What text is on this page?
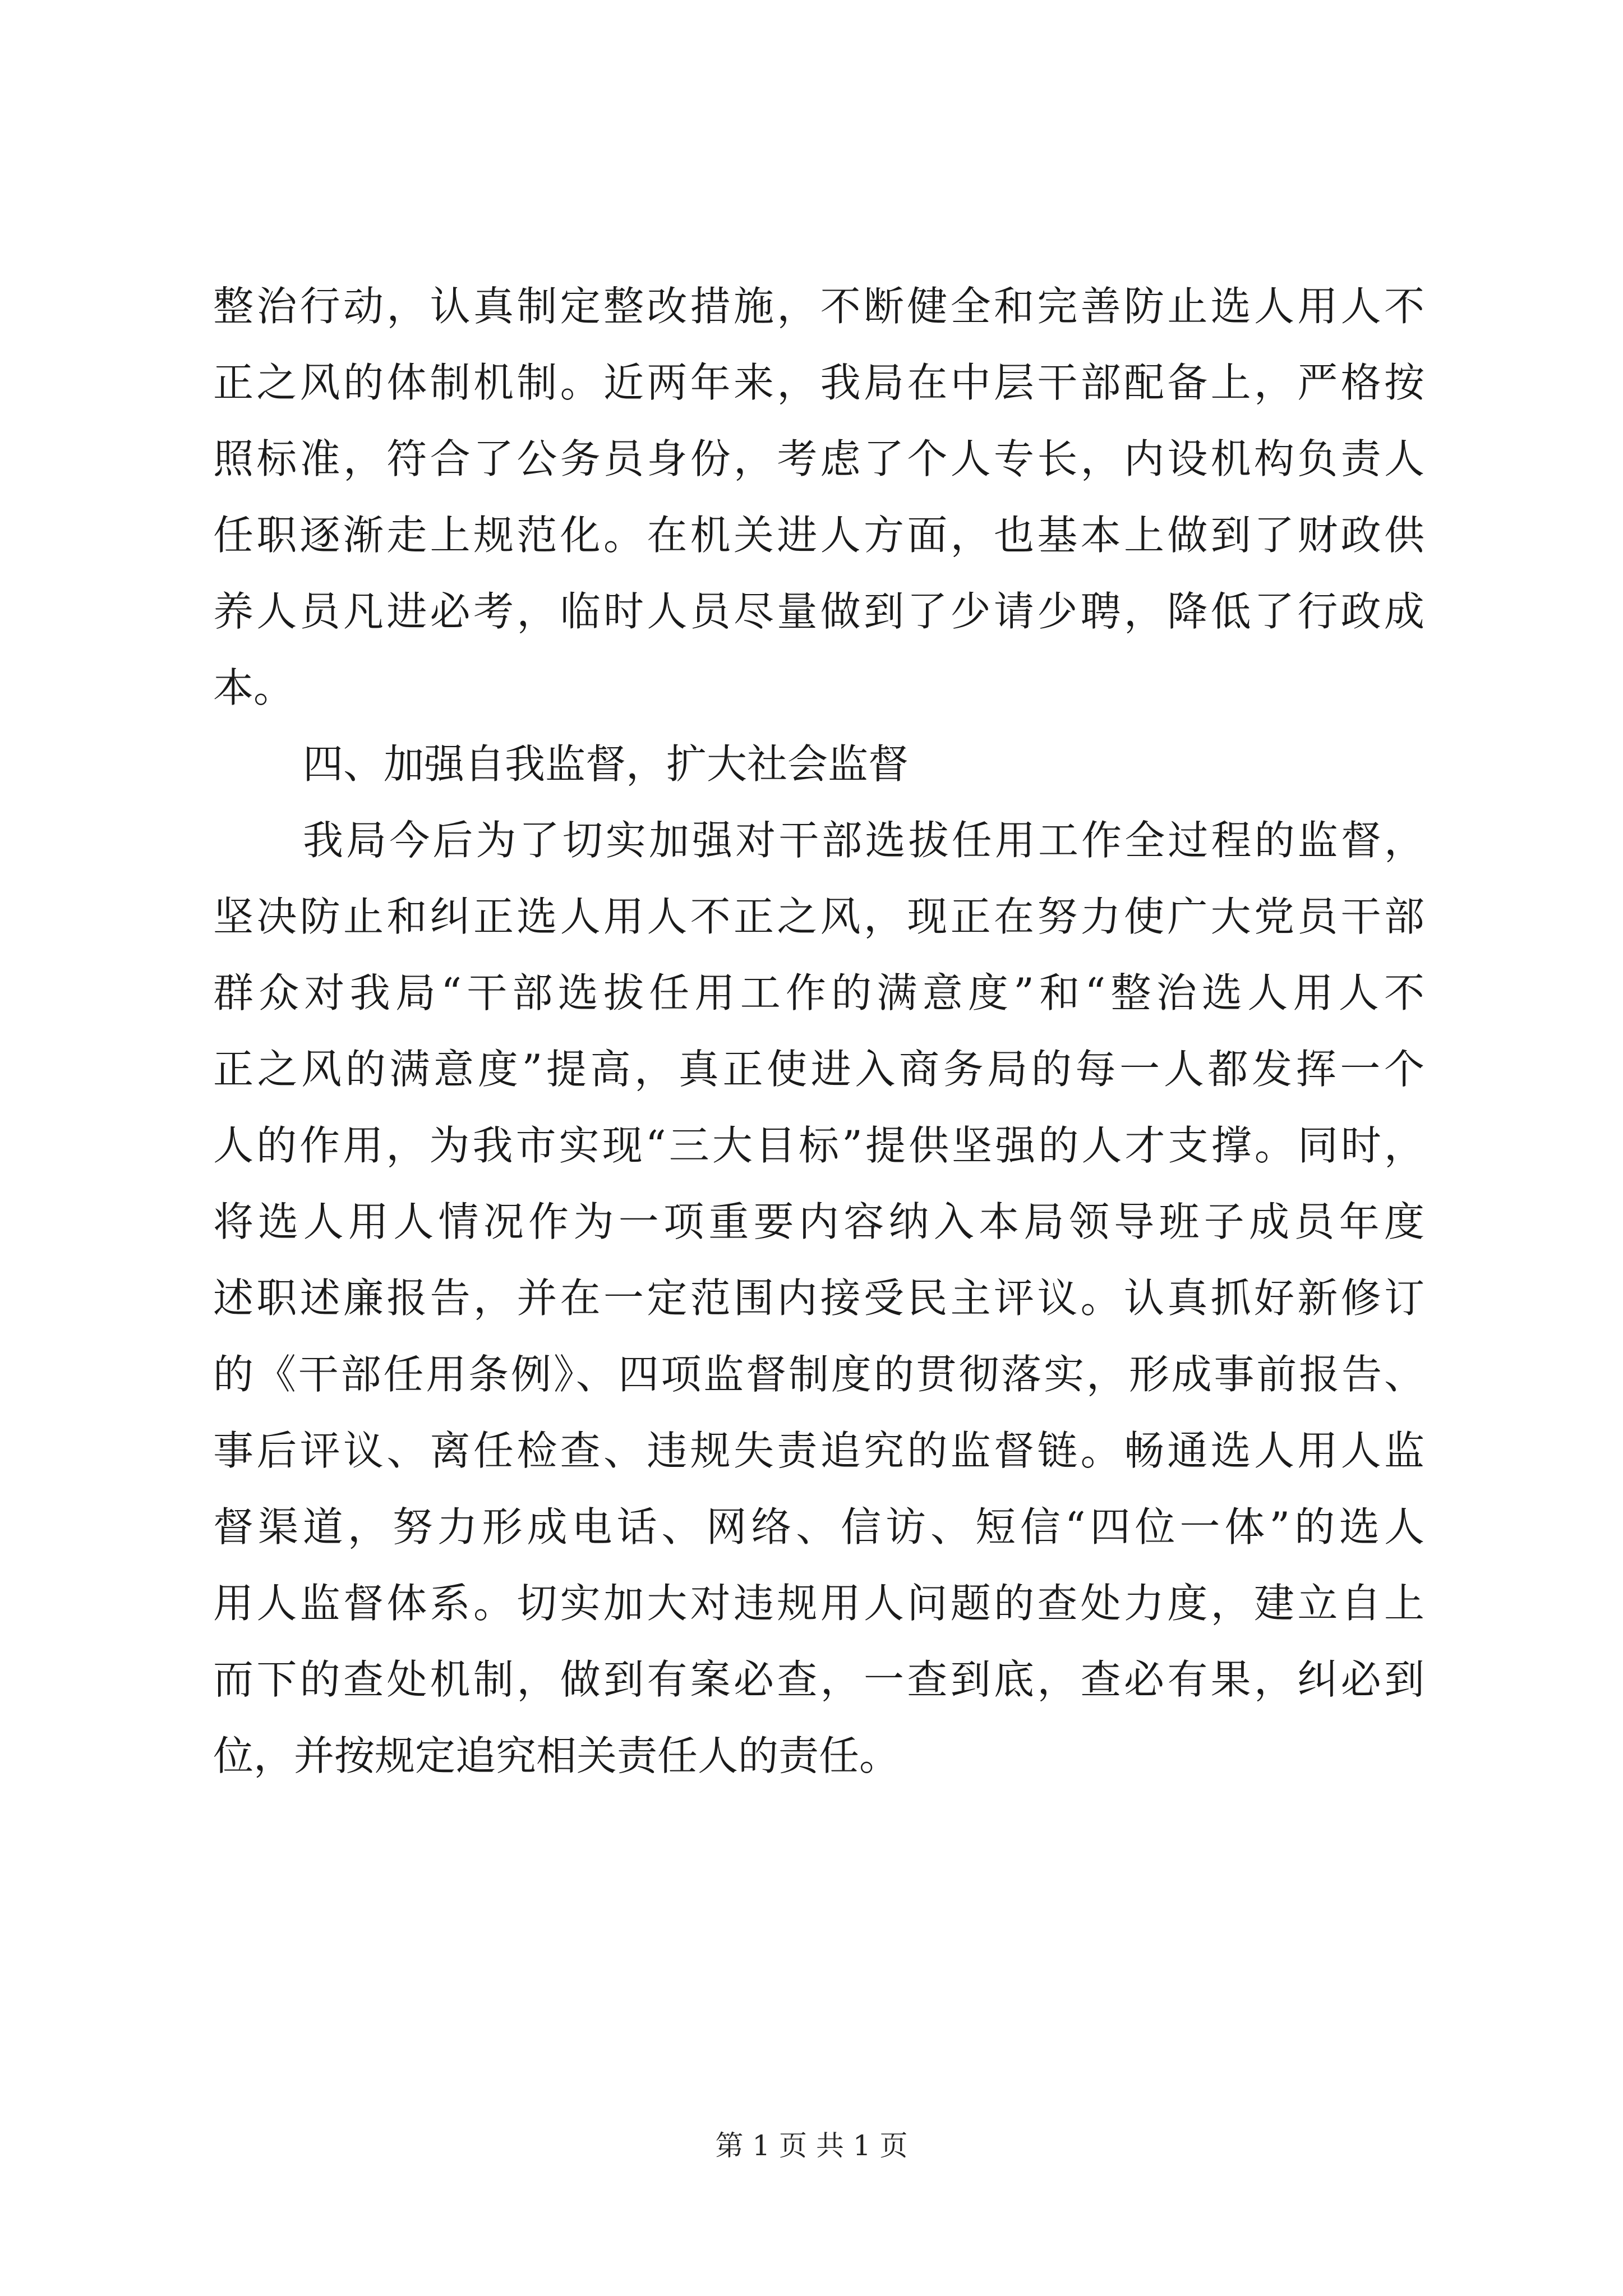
整治行动，认真制定整改措施，不断健全和完善防止选人用人不
正之风的体制机制。近两年来，我局在中层干部配备上，严格按
照标准，符合了公务员身份，考虑了个人专长，内设机构负责人
任职逐渐走上规范化。在机关进人方面，也基本上做到了财政供
养人员凡进必考，临时人员尽量做到了少请少聘，降低了行政成
本。
四、加强自我监督，扩大社会监督
我局今后为了切实加强对干部选拔任用工作全过程的监督，
坚决防止和纠正选人用人不正之风，现正在努力使广大党员干部
群众对我局“干部选拔任用工作的满意度”和“整治选人用人不
正之风的满意度”提高，真正使进入商务局的每一人都发挥一个
人的作用，为我市实现“三大目标”提供坚强的人才支撑。同时，
将选人用人情况作为一项重要内容纳入本局领导班子成员年度
述职述廉报告，并在一定范围内接受民主评议。认真抓好新修订
的《干部任用条例》、四项监督制度的贯彻落实，形成事前报告、
事后评议、离任检查、违规失责追究的监督链。畅通选人用人监
督渠道，努力形成电话、网络、信访、短信“四位一体”的选人
用人监督体系。切实加大对违规用人问题的查处力度，建立自上
而下的查处机制，做到有案必查，一查到底，查必有果，纠必到
位，并按规定追究相关责任人的责任。
第 1 页 共 1 页
